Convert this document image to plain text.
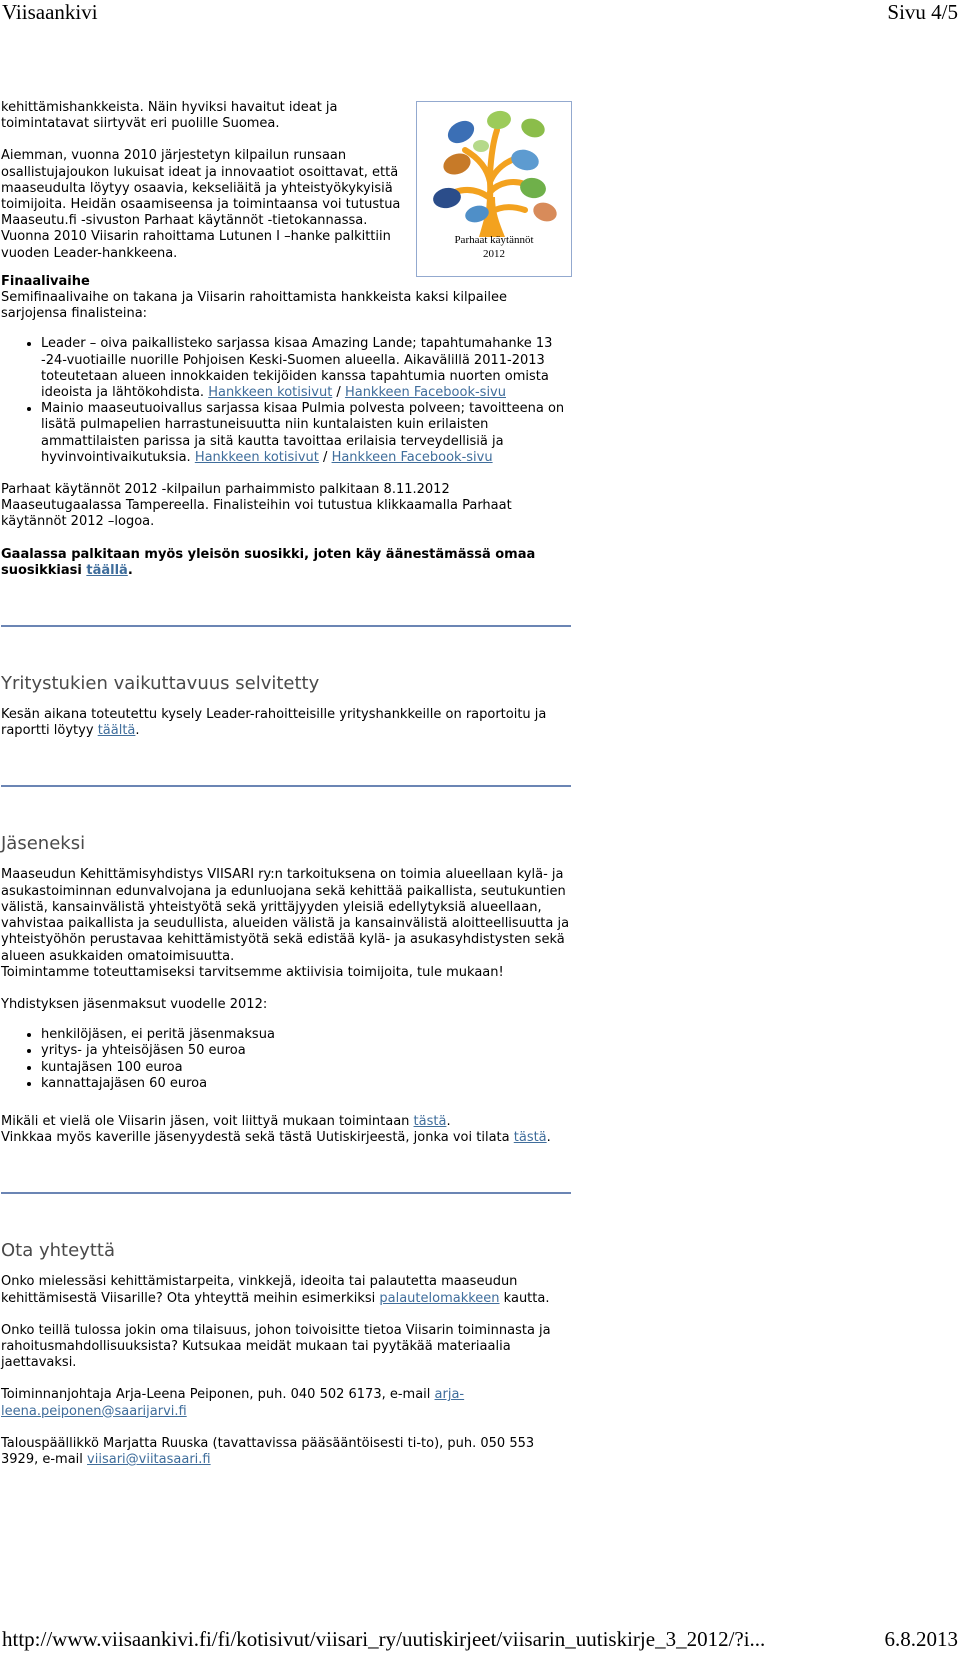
Viisaankivi	Sivu 4/5
Parhaat käytännöt
2012

kehittämishankkeista. Näin hyviksi havaitut ideat ja

toimintatavat siirtyvät eri puolille Suomea.

Aiemman, vuonna 2010 järjestetyn kilpailun runsaan osallistujajoukon lukuisat ideat ja innovaatiot osoittavat, että maaseudulta löytyy osaavia, kekseliäitä ja yhteistyökykyisiä toimijoita. Heidän osaamiseensa ja toimintaansa voi tutustua Maaseutu.fi -sivuston Parhaat käytännöt -tietokannassa. Vuonna 2010 Viisarin rahoittama Lutunen I –hanke palkittiin vuoden Leader-hankkeena.

Finaalivaihe

Semifinaalivaihe on takana ja Viisarin rahoittamista hankkeista kaksi kilpailee sarjojensa finalisteina:

• Leader – oiva paikallisteko sarjassa kisaa Amazing Lande; tapahtumahanke 13 -24-vuotiaille nuorille Pohjoisen Keski-Suomen alueella. Aikavälillä 2011-2013 toteutetaan alueen innokkaiden tekijöiden kanssa tapahtumia nuorten omista ideoista ja lähtökohdista. Hankkeen kotisivut / Hankkeen Facebook-sivu
• Mainio maaseutuoivallus sarjassa kisaa Pulmia polvesta polveen; tavoitteena on lisätä pulmapelien harrastuneisuutta niin kuntalaisten kuin erilaisten ammattilaisten parissa ja sitä kautta tavoittaa erilaisia terveydellisiä ja hyvinvointivaikutuksia. Hankkeen kotisivut / Hankkeen Facebook-sivu

Parhaat käytännöt 2012 -kilpailun parhaimmisto palkitaan 8.11.2012 Maaseutugaalassa Tampereella. Finalisteihin voi tutustua klikkaamalla Parhaat käytännöt 2012 –logoa.

Gaalassa palkitaan myös yleisön suosikki, joten käy äänestämässä omaa suosikkiasi täällä.

Yritystukien vaikuttavuus selvitetty

Kesän aikana toteutettu kysely Leader-rahoitteisille yrityshankkeille on raportoitu ja raportti löytyy täältä.

Jäseneksi

Maaseudun Kehittämisyhdistys VIISARI ry:n tarkoituksena on toimia alueellaan kylä- ja asukastoiminnan edunvalvojana ja edunluojana sekä kehittää paikallista, seutukuntien välistä, kansainvälistä yhteistyötä sekä yrittäjyyden yleisiä edellytyksiä alueellaan, vahvistaa paikallista ja seudullista, alueiden välistä ja kansainvälistä aloitteellisuutta ja yhteistyöhön perustavaa kehittämistyötä sekä edistää kylä- ja asukasyhdistysten sekä alueen asukkaiden omatoimisuutta.

Toimintamme toteuttamiseksi tarvitsemme aktiivisia toimijoita, tule mukaan!

Yhdistyksen jäsenmaksut vuodelle 2012:

• henkilöjäsen, ei peritä jäsenmaksua
• yritys- ja yhteisöjäsen 50 euroa
• kuntajäsen 100 euroa
• kannattajajäsen 60 euroa

Mikäli et vielä ole Viisarin jäsen, voit liittyä mukaan toimintaan tästä.

Vinkkaa myös kaverille jäsenyydestä sekä tästä Uutiskirjeestä, jonka voi tilata tästä.

Ota yhteyttä

Onko mielessäsi kehittämistarpeita, vinkkejä, ideoita tai palautetta maaseudun kehittämisestä Viisarille? Ota yhteyttä meihin esimerkiksi palautelomakkeen kautta.

Onko teillä tulossa jokin oma tilaisuus, johon toivoisitte tietoa Viisarin toiminnasta ja rahoitusmahdollisuuksista? Kutsukaa meidät mukaan tai pyytäkää materiaalia jaettavaksi.

Toiminnanjohtaja Arja-Leena Peiponen, puh. 040 502 6173, e-mail arja-leena.peiponen@saarijarvi.fi

Talouspäällikkö Marjatta Ruuska (tavattavissa pääsääntöisesti ti-to), puh. 050 553 3929, e-mail viisari@viitasaari.fi

http://www.viisaankivi.fi/fi/kotisivut/viisari_ry/uutiskirjeet/viisarin_uutiskirje_3_2012/?i...	6.8.2013
